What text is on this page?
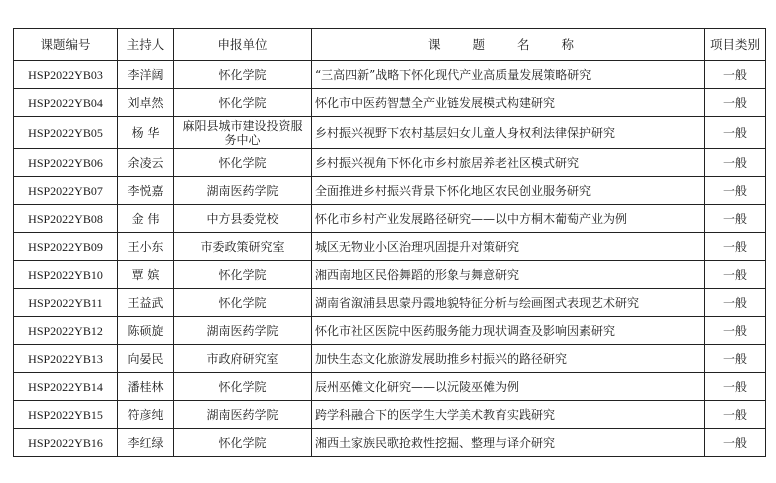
课题编号	主持人	申报单位	课 题 名 称	项目类别
HSP2022YB03	李洋阔	怀化学院	“三高四新”战略下怀化现代产业高质量发展策略研究	一般
HSP2022YB04	刘卓然	怀化学院	怀化市中医药智慧全产业链发展模式构建研究	一般
HSP2022YB05	杨 华	麻阳县城市建设投资服务中心	乡村振兴视野下农村基层妇女儿童人身权利法律保护研究	一般
HSP2022YB06	余凌云	怀化学院	乡村振兴视角下怀化市乡村旅居养老社区模式研究	一般
HSP2022YB07	李悦嘉	湖南医药学院	全面推进乡村振兴背景下怀化地区农民创业服务研究	一般
HSP2022YB08	金 伟	中方县委党校	怀化市乡村产业发展路径研究——以中方桐木葡萄产业为例	一般
HSP2022YB09	王小东	市委政策研究室	城区无物业小区治理巩固提升对策研究	一般
HSP2022YB10	覃 嫔	怀化学院	湘西南地区民俗舞蹈的形象与舞意研究	一般
HSP2022YB11	王益武	怀化学院	湖南省溆浦县思蒙丹霞地貌特征分析与绘画图式表现艺术研究	一般
HSP2022YB12	陈硕旋	湖南医药学院	怀化市社区医院中医药服务能力现状调查及影响因素研究	一般
HSP2022YB13	向晏民	市政府研究室	加快生态文化旅游发展助推乡村振兴的路径研究	一般
HSP2022YB14	潘桂林	怀化学院	辰州巫傩文化研究——以沅陵巫傩为例	一般
HSP2022YB15	符彦纯	湖南医药学院	跨学科融合下的医学生大学美术教育实践研究	一般
HSP2022YB16	李红绿	怀化学院	湘西土家族民歌抢救性挖掘、整理与译介研究	一般
